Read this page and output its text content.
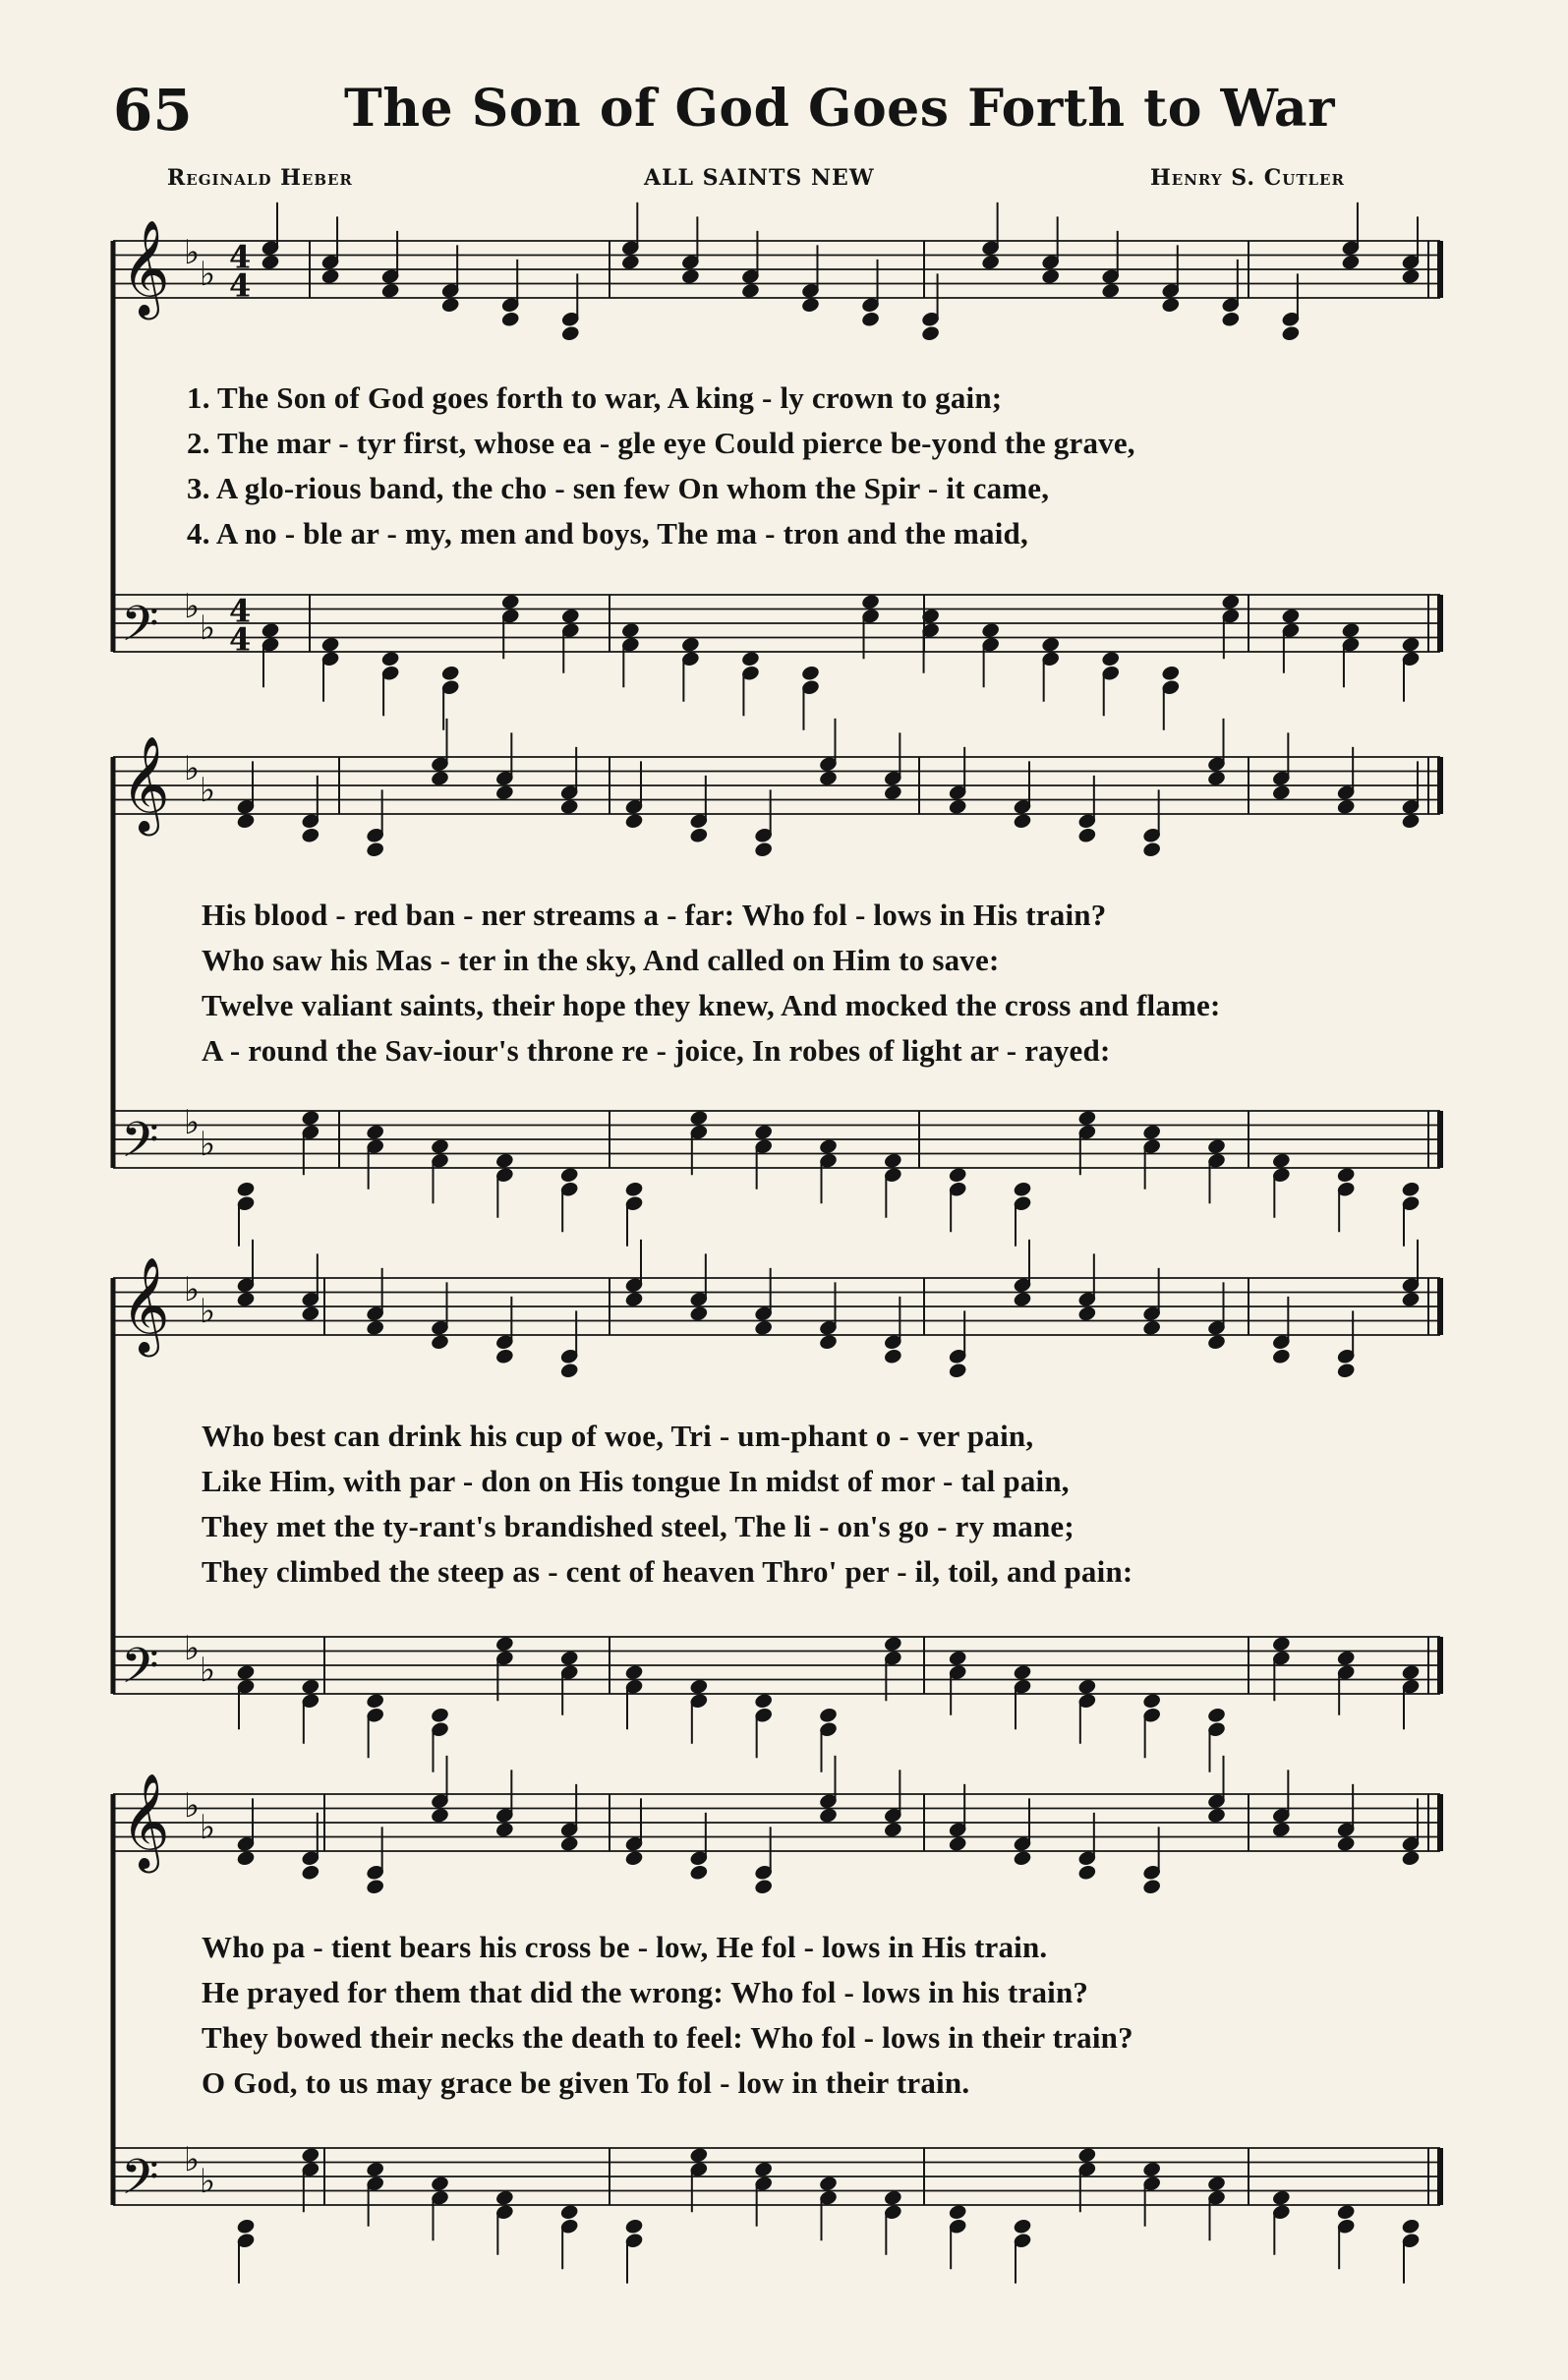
65	The Son of God Goes Forth to War
Reginald Heber	ALL SAINTS NEW	Henry S. Cutler
𝄞 ♭
♭ 4
4
𝄢 ♭
♭ 4
4
𝄞 ♭
♭
𝄢 ♭
♭
𝄞 ♭
♭
𝄢 ♭
♭
𝄞 ♭
♭
𝄢 ♭
♭
1. The Son of God goes forth to war, A king - ly crown to gain;
2. The mar - tyr first, whose ea - gle eye Could pierce be-yond the grave,
3. A glo-rious band, the cho - sen few On whom the Spir - it came,
4. A no - ble ar - my, men and boys, The ma - tron and the maid,
His blood - red ban - ner streams a - far: Who fol - lows in His train?
Who saw his Mas - ter in the sky, And called on Him to save:
Twelve valiant saints, their hope they knew, And mocked the cross and flame:
A - round the Sav-iour's throne re - joice, In robes of light ar - rayed:
Who best can drink his cup of woe, Tri - um-phant o - ver pain,
Like Him, with par - don on His tongue In midst of mor - tal pain,
They met the ty-rant's brandished steel, The li - on's go - ry mane;
They climbed the steep as - cent of heaven Thro' per - il, toil, and pain:
Who pa - tient bears his cross be - low, He fol - lows in His train.
He prayed for them that did the wrong: Who fol - lows in his train?
They bowed their necks the death to feel: Who fol - lows in their train?
O God, to us may grace be given To fol - low in their train.
